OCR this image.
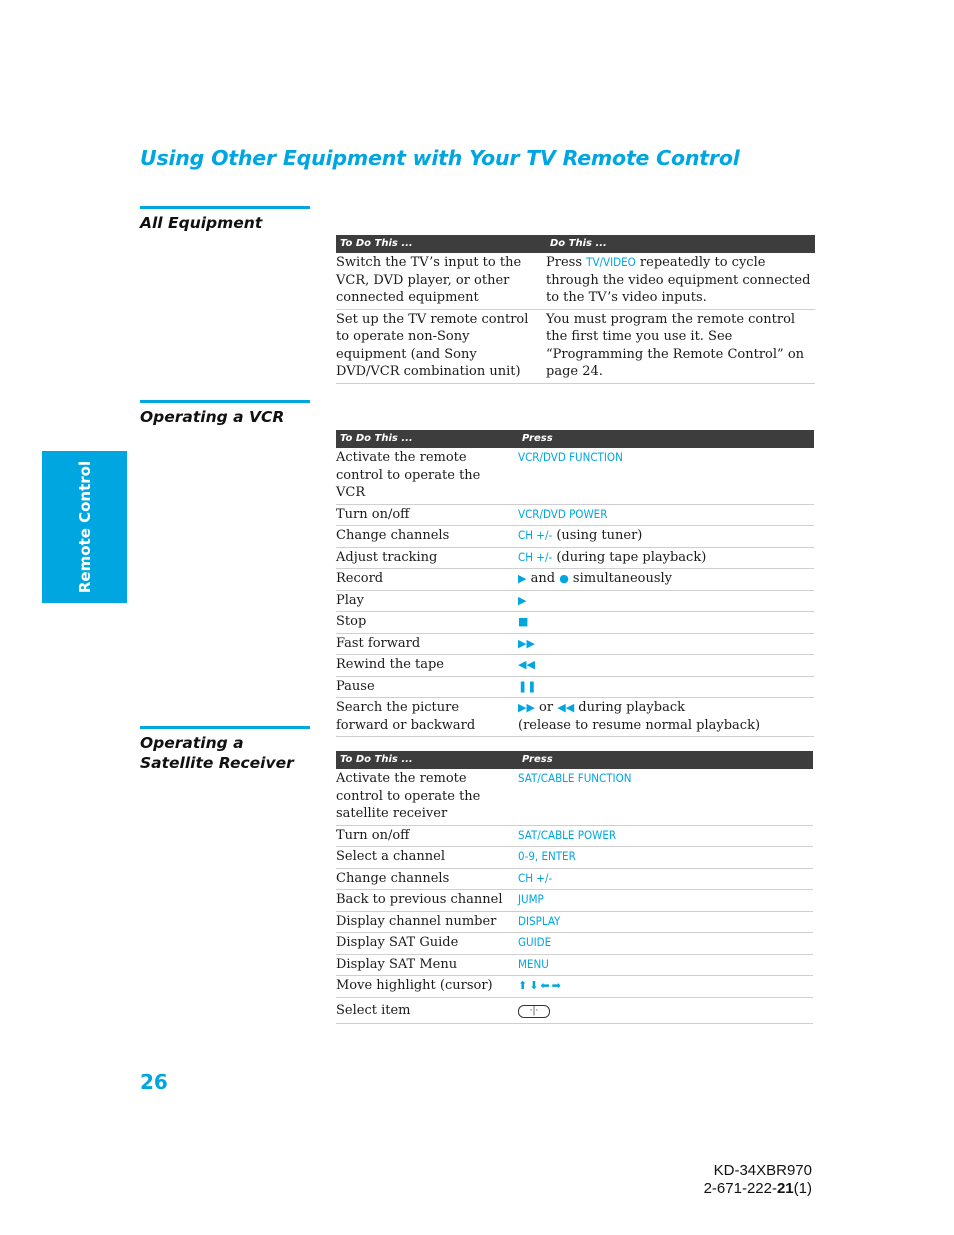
Using Other Equipment with Your TV Remote Control
Remote Control
All Equipment
To Do This ...	Do This ...
Switch the TV’s input to the VCR, DVD player, or other connected equipment	Press TV/VIDEO repeatedly to cycle through the video equipment connected to the TV’s video inputs.
Set up the TV remote control to operate non-Sony equipment (and Sony DVD/VCR combination unit)	You must program the remote control the first time you use it. See “Programming the Remote Control” on page 24.
Operating a VCR
To Do This ...	Press
Activate the remote control to operate the VCR	VCR/DVD FUNCTION
Turn on/off	VCR/DVD POWER
Change channels	CH +/- (using tuner)
Adjust tracking	CH +/- (during tape playback)
Record	▶ and ● simultaneously
Play	▶
Stop	■
Fast forward	▶▶
Rewind the tape	◀◀
Pause	❚❚
Search the picture forward or backward	▶▶ or ◀◀ during playback
(release to resume normal playback)
Operating a
Satellite Receiver	To Do This ...	Press
Activate the remote control to operate the satellite receiver	SAT/CABLE FUNCTION
Turn on/off	SAT/CABLE POWER
Select a channel	0-9, ENTER
Change channels	CH +/-
Back to previous channel	JUMP
Display channel number	DISPLAY
Display SAT Guide	GUIDE
Display SAT Menu	MENU
Move highlight (cursor)	⬆⬇⬅➡
Select item	·|·
26
KD-34XBR970
2-671-222-21(1)
